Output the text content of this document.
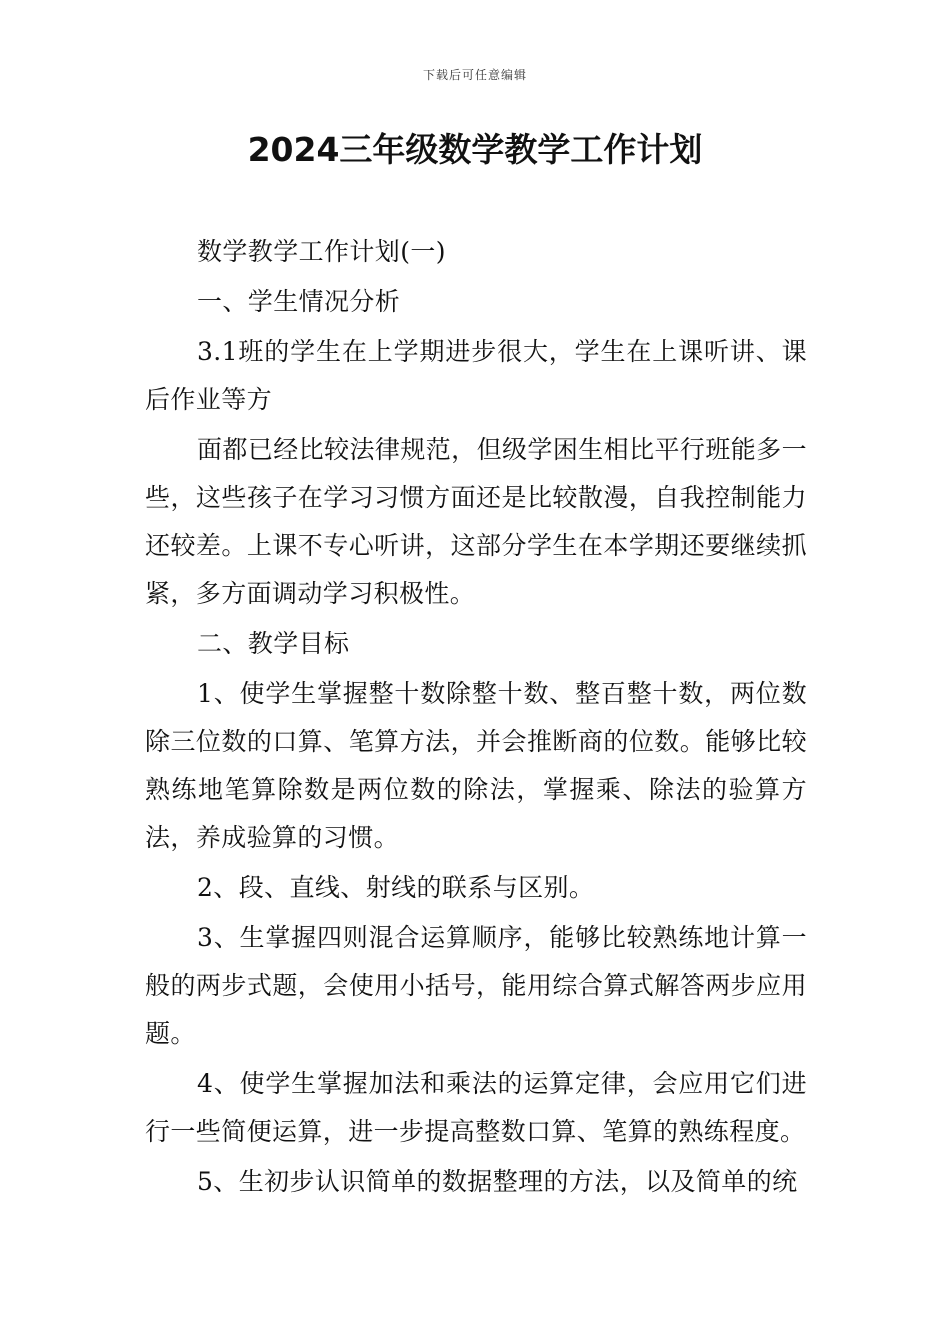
下载后可任意编辑
2024三年级数学教学工作计划

数学教学工作计划(一)

一、学生情况分析

3.1班的学生在上学期进步很大，学生在上课听讲、课后作业等方

面都已经比较法律规范，但级学困生相比平行班能多一些，这些孩子在学习习惯方面还是比较散漫，自我控制能力还较差。上课不专心听讲，这部分学生在本学期还要继续抓紧，多方面调动学习积极性。

二、教学目标

1、使学生掌握整十数除整十数、整百整十数，两位数除三位数的口算、笔算方法，并会推断商的位数。能够比较熟练地笔算除数是两位数的除法，掌握乘、除法的验算方法，养成验算的习惯。

2、段、直线、射线的联系与区别。

3、生掌握四则混合运算顺序，能够比较熟练地计算一般的两步式题，会使用小括号，能用综合算式解答两步应用题。

4、使学生掌握加法和乘法的运算定律，会应用它们进行一些简便运算，进一步提高整数口算、笔算的熟练程度。

5、生初步认识简单的数据整理的方法，以及简单的统
